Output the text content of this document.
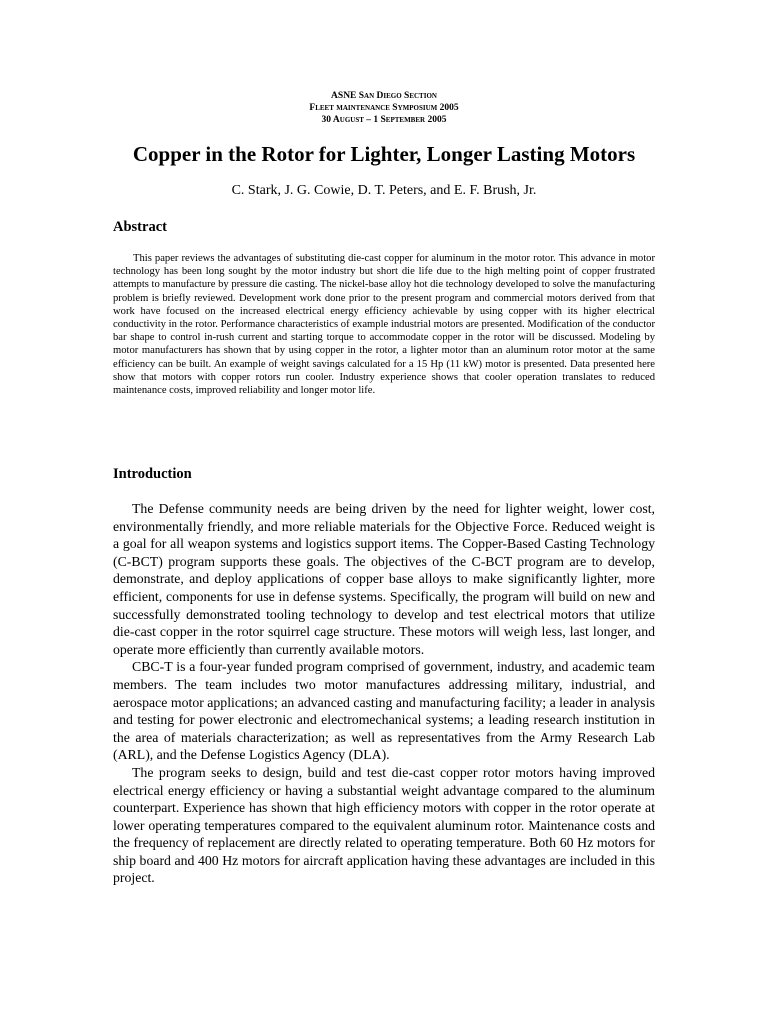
ASNE San Diego Section
Fleet maintenance Symposium 2005
30 August – 1 September 2005
Copper in the Rotor for Lighter, Longer Lasting Motors
C. Stark, J. G. Cowie, D. T. Peters, and E. F. Brush, Jr.
Abstract

This paper reviews the advantages of substituting die-cast copper for aluminum in the motor rotor. This advance in motor technology has been long sought by the motor industry but short die life due to the high melting point of copper frustrated attempts to manufacture by pressure die casting. The nickel-base alloy hot die technology developed to solve the manufacturing problem is briefly reviewed. Development work done prior to the present program and commercial motors derived from that work have focused on the increased electrical energy efficiency achievable by using copper with its higher electrical conductivity in the rotor. Performance characteristics of example industrial motors are presented. Modification of the conductor bar shape to control in-rush current and starting torque to accommodate copper in the rotor will be discussed. Modeling by motor manufacturers has shown that by using copper in the rotor, a lighter motor than an aluminum rotor motor at the same efficiency can be built. An example of weight savings calculated for a 15 Hp (11 kW) motor is presented. Data presented here show that motors with copper rotors run cooler. Industry experience shows that cooler operation translates to reduced maintenance costs, improved reliability and longer motor life.

Introduction

The Defense community needs are being driven by the need for lighter weight, lower cost, environmentally friendly, and more reliable materials for the Objective Force. Reduced weight is a goal for all weapon systems and logistics support items. The Copper-Based Casting Technology (C-BCT) program supports these goals. The objectives of the C-BCT program are to develop, demonstrate, and deploy applications of copper base alloys to make significantly lighter, more efficient, components for use in defense systems. Specifically, the program will build on new and successfully demonstrated tooling technology to develop and test electrical motors that utilize die-cast copper in the rotor squirrel cage structure. These motors will weigh less, last longer, and operate more efficiently than currently available motors.

CBC-T is a four-year funded program comprised of government, industry, and academic team members. The team includes two motor manufactures addressing military, industrial, and aerospace motor applications; an advanced casting and manufacturing facility; a leader in analysis and testing for power electronic and electromechanical systems; a leading research institution in the area of materials characterization; as well as representatives from the Army Research Lab (ARL), and the Defense Logistics Agency (DLA).

The program seeks to design, build and test die-cast copper rotor motors having improved electrical energy efficiency or having a substantial weight advantage compared to the aluminum counterpart. Experience has shown that high efficiency motors with copper in the rotor operate at lower operating temperatures compared to the equivalent aluminum rotor. Maintenance costs and the frequency of replacement are directly related to operating temperature. Both 60 Hz motors for ship board and 400 Hz motors for aircraft application having these advantages are included in this project.
